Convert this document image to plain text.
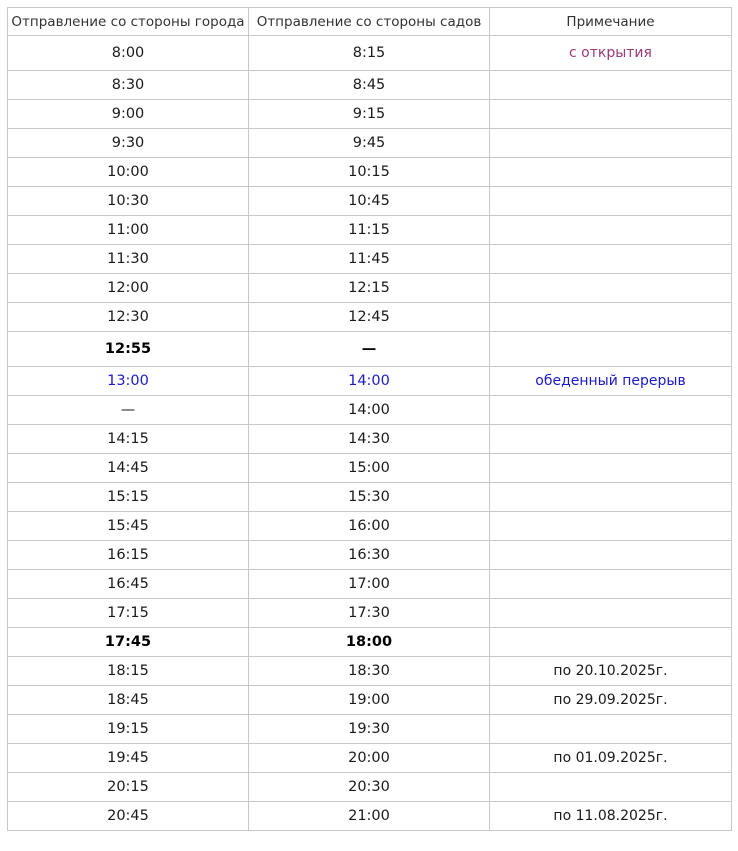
Отправление со стороны города	Отправление со стороны садов	Примечание
8:00	8:15	с открытия
8:30	8:45	
9:00	9:15	
9:30	9:45	
10:00	10:15	
10:30	10:45	
11:00	11:15	
11:30	11:45	
12:00	12:15	
12:30	12:45	
12:55	—	
13:00	14:00	обеденный перерыв
—	14:00	
14:15	14:30	
14:45	15:00	
15:15	15:30	
15:45	16:00	
16:15	16:30	
16:45	17:00	
17:15	17:30	
17:45	18:00	
18:15	18:30	по 20.10.2025г.
18:45	19:00	по 29.09.2025г.
19:15	19:30	
19:45	20:00	по 01.09.2025г.
20:15	20:30	
20:45	21:00	по 11.08.2025г.
